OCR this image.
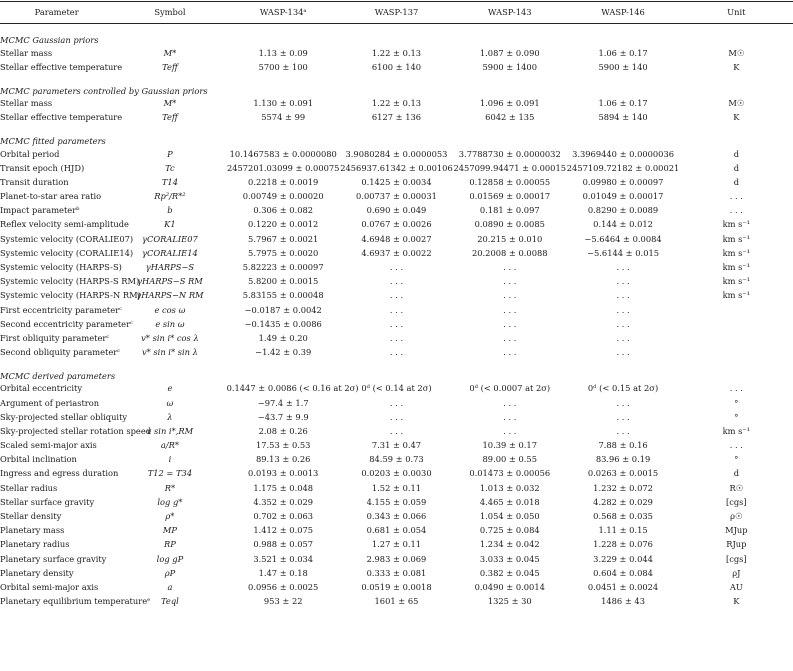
Parameter	Symbol	WASP-134ᵃ	WASP-137	WASP-143	WASP-146	Unit

MCMC Gaussian priors						
Stellar mass	M*	1.13 ± 0.09	1.22 ± 0.13	1.087 ± 0.090	1.06 ± 0.17	M☉
Stellar effective temperature	Teff	5700 ± 100	6100 ± 140	5900 ± 1400	5900 ± 140	K

MCMC parameters controlled by Gaussian priors						
Stellar mass	M*	1.130 ± 0.091	1.22 ± 0.13	1.096 ± 0.091	1.06 ± 0.17	M☉
Stellar effective temperature	Teff	5574 ± 99	6127 ± 136	6042 ± 135	5894 ± 140	K

MCMC fitted parameters						
Orbital period	P	10.1467583 ± 0.0000080	3.9080284 ± 0.0000053	3.7788730 ± 0.0000032	3.3969440 ± 0.0000036	d
Transit epoch (HJD)	Tc	2457201.03099 ± 0.00075	2456937.61342 ± 0.00106	2457099.94471 ± 0.00015	2457109.72182 ± 0.00021	d
Transit duration	T14	0.2218 ± 0.0019	0.1425 ± 0.0034	0.12858 ± 0.00055	0.09980 ± 0.00097	d
Planet-to-star area ratio	Rp²/R*²	0.00749 ± 0.00020	0.00737 ± 0.00031	0.01569 ± 0.00017	0.01049 ± 0.00017	. . .
Impact parameterᵇ	b	0.306 ± 0.082	0.690 ± 0.049	0.181 ± 0.097	0.8290 ± 0.0089	. . .
Reflex velocity semi-amplitude	K1	0.1220 ± 0.0012	0.0767 ± 0.0026	0.0890 ± 0.0085	0.144 ± 0.012	km s⁻¹
Systemic velocity (CORALIE07)	γCORALIE07	5.7967 ± 0.0021	4.6948 ± 0.0027	20.215 ± 0.010	−5.6464 ± 0.0084	km s⁻¹
Systemic velocity (CORALIE14)	γCORALIE14	5.7975 ± 0.0020	4.6937 ± 0.0022	20.2008 ± 0.0088	−5.6144 ± 0.015	km s⁻¹
Systemic velocity (HARPS-S)	γHARPS−S	5.82223 ± 0.00097	. . .	. . .	. . .	km s⁻¹
Systemic velocity (HARPS-S RM)	γHARPS−S RM	5.8200 ± 0.0015	. . .	. . .	. . .	km s⁻¹
Systemic velocity (HARPS-N RM)	γHARPS−N RM	5.83155 ± 0.00048	. . .	. . .	. . .	km s⁻¹
First eccentricity parameterᶜ	e cos ω	−0.0187 ± 0.0042	. . .	. . .	. . .	
Second eccentricity parameterᶜ	e sin ω	−0.1435 ± 0.0086	. . .	. . .	. . .	
First obliquity parameterᶜ	v* sin i* cos λ	1.49 ± 0.20	. . .	. . .	. . .	
Second obliquity parameterᶜ	v* sin i* sin λ	−1.42 ± 0.39	. . .	. . .	. . .	

MCMC derived parameters						
Orbital eccentricity	e	0.1447 ± 0.0086 (< 0.16 at 2σ)	0ᵈ (< 0.14 at 2σ)	0ᵈ (< 0.0007 at 2σ)	0ᵈ (< 0.15 at 2σ)	. . .
Argument of periastron	ω	−97.4 ± 1.7	. . .	. . .	. . .	°
Sky-projected stellar obliquity	λ	−43.7 ± 9.9	. . .	. . .	. . .	°
Sky-projected stellar rotation speed	v sin i*,RM	2.08 ± 0.26	. . .	. . .	. . .	km s⁻¹
Scaled semi-major axis	a/R*	17.53 ± 0.53	7.31 ± 0.47	10.39 ± 0.17	7.88 ± 0.16	. . .
Orbital inclination	i	89.13 ± 0.26	84.59 ± 0.73	89.00 ± 0.55	83.96 ± 0.19	°
Ingress and egress duration	T12 = T34	0.0193 ± 0.0013	0.0203 ± 0.0030	0.01473 ± 0.00056	0.0263 ± 0.0015	d
Stellar radius	R*	1.175 ± 0.048	1.52 ± 0.11	1.013 ± 0.032	1.232 ± 0.072	R☉
Stellar surface gravity	log g*	4.352 ± 0.029	4.155 ± 0.059	4.465 ± 0.018	4.282 ± 0.029	[cgs]
Stellar density	ρ*	0.702 ± 0.063	0.343 ± 0.066	1.054 ± 0.050	0.568 ± 0.035	ρ☉
Planetary mass	MP	1.412 ± 0.075	0.681 ± 0.054	0.725 ± 0.084	1.11 ± 0.15	MJup
Planetary radius	RP	0.988 ± 0.057	1.27 ± 0.11	1.234 ± 0.042	1.228 ± 0.076	RJup
Planetary surface gravity	log gP	3.521 ± 0.034	2.983 ± 0.069	3.033 ± 0.045	3.229 ± 0.044	[cgs]
Planetary density	ρP	1.47 ± 0.18	0.333 ± 0.081	0.382 ± 0.045	0.604 ± 0.084	ρJ
Orbital semi-major axis	a	0.0956 ± 0.0025	0.0519 ± 0.0018	0.0490 ± 0.0014	0.0451 ± 0.0024	AU
Planetary equilibrium temperatureᵉ	Teql	953 ± 22	1601 ± 65	1325 ± 30	1486 ± 43	K
